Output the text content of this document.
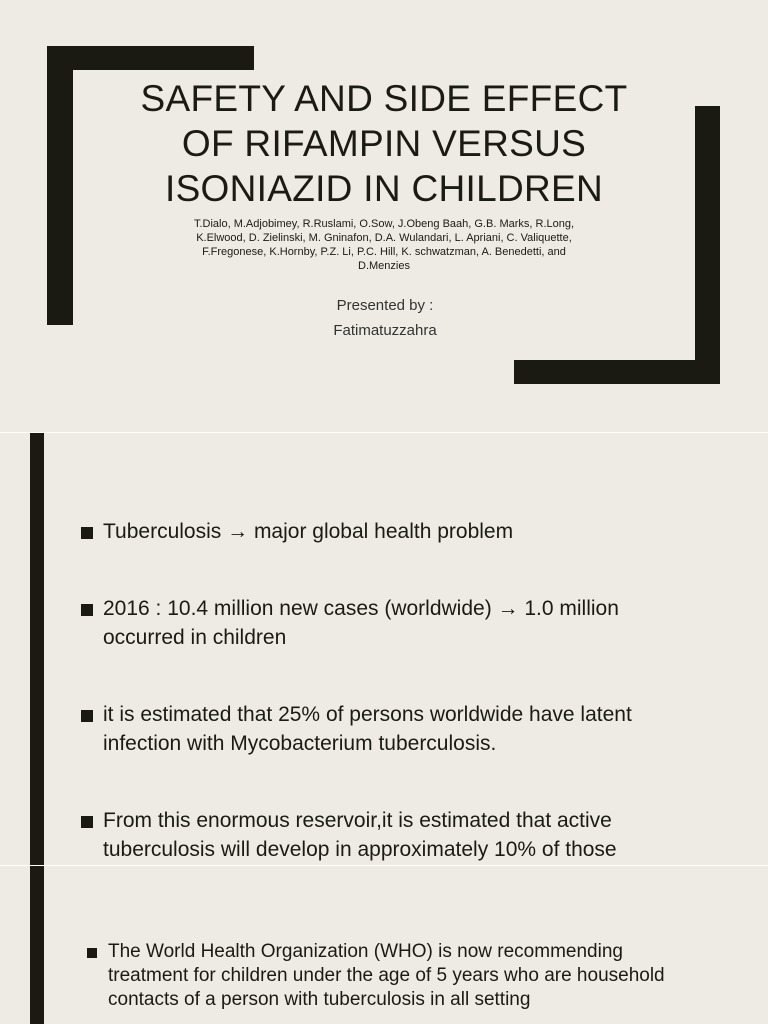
SAFETY AND SIDE EFFECT
OF RIFAMPIN VERSUS
ISONIAZID IN CHILDREN
T.Dialo, M.Adjobimey, R.Ruslami, O.Sow, J.Obeng Baah, G.B. Marks, R.Long,
K.Elwood, D. Zielinski, M. Gninafon, D.A. Wulandari, L. Apriani, C. Valiquette,
F.Fregonese, K.Hornby, P.Z. Li, P.C. Hill, K. schwatzman, A. Benedetti, and
D.Menzies
Presented by :
Fatimatuzzahra
Tuberculosis → major global health problem
2016 : 10.4 million new cases (worldwide) → 1.0 million
occurred in children
it is estimated that 25% of persons worldwide have latent
infection with Mycobacterium tuberculosis.
From this enormous reservoir,it is estimated that active
tuberculosis will develop in approximately 10% of those
The World Health Organization (WHO) is now recommending
treatment for children under the age of 5 years who are household
contacts of a person with tuberculosis in all setting
